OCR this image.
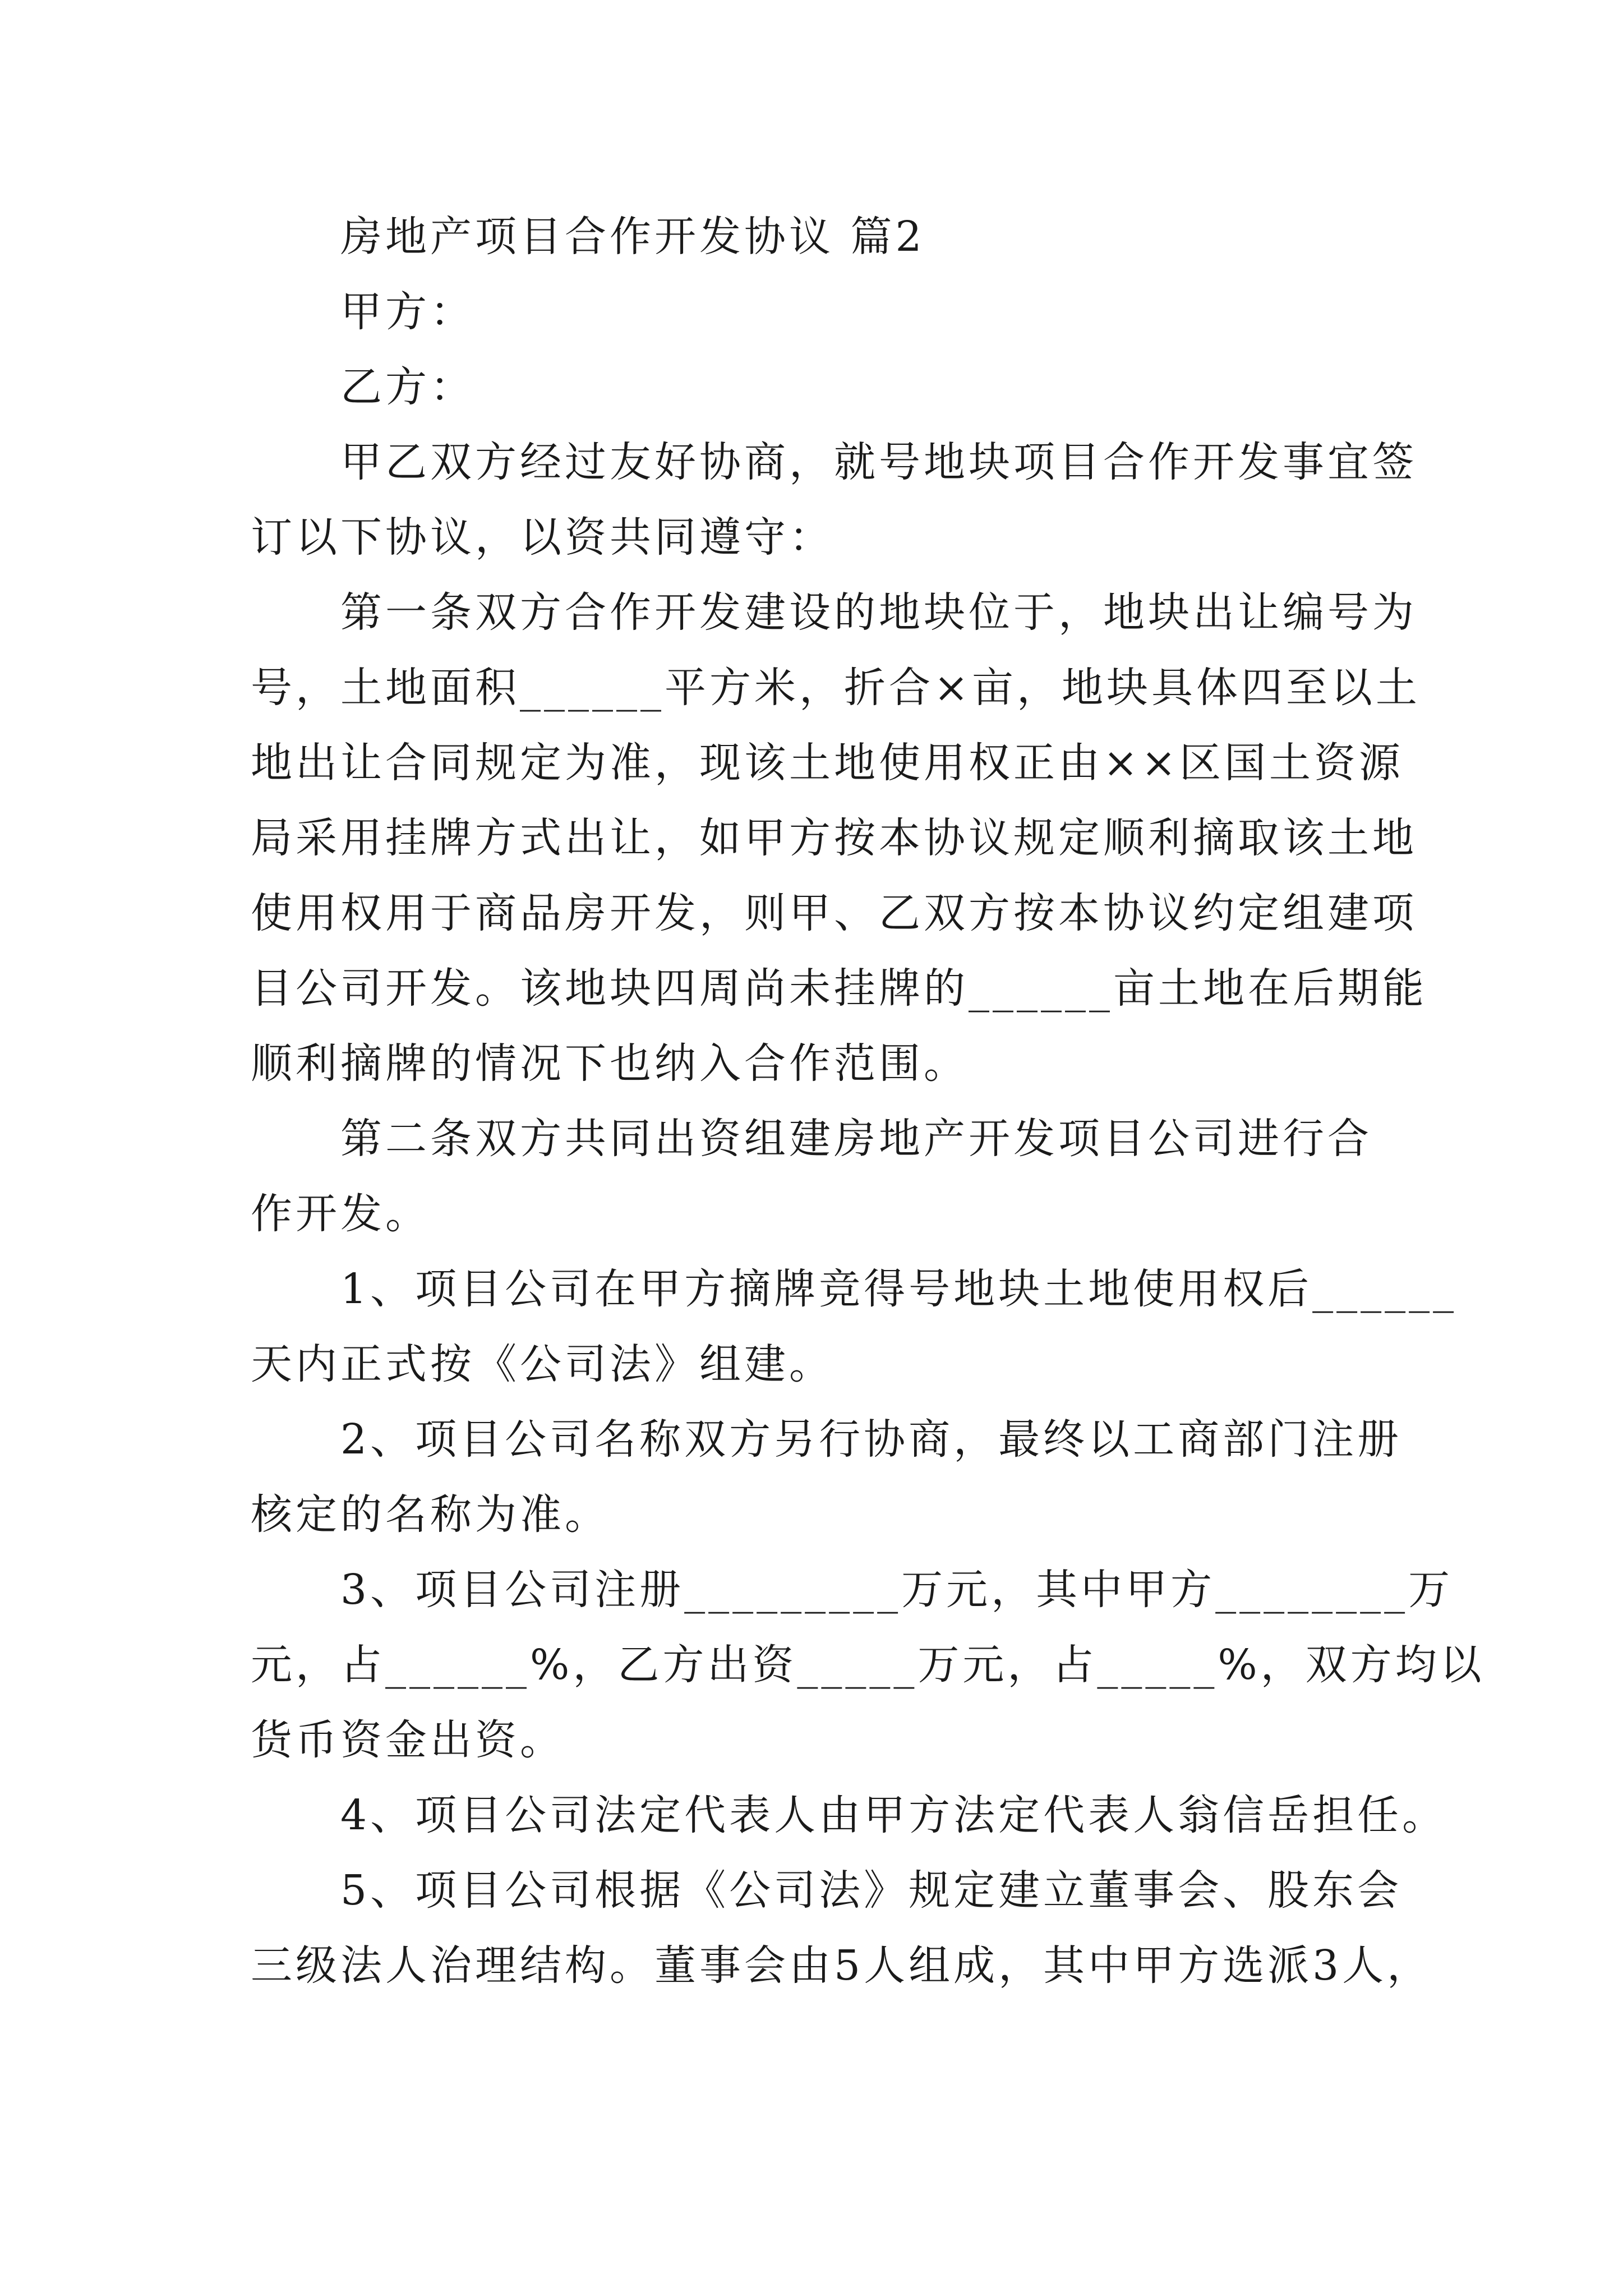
房地产项目合作开发协议 篇2
甲方：
乙方：
甲乙双方经过友好协商，就号地块项目合作开发事宜签
订以下协议，以资共同遵守：
第一条双方合作开发建设的地块位于，地块出让编号为
号，土地面积______平方米，折合×亩，地块具体四至以土
地出让合同规定为准，现该土地使用权正由××区国土资源
局采用挂牌方式出让，如甲方按本协议规定顺利摘取该土地
使用权用于商品房开发，则甲、乙双方按本协议约定组建项
目公司开发。该地块四周尚未挂牌的______亩土地在后期能
顺利摘牌的情况下也纳入合作范围。
第二条双方共同出资组建房地产开发项目公司进行合
作开发。
1、项目公司在甲方摘牌竞得号地块土地使用权后______
天内正式按《公司法》组建。
2、项目公司名称双方另行协商，最终以工商部门注册
核定的名称为准。
3、项目公司注册_________万元，其中甲方________万
元，占______%，乙方出资_____万元，占_____%，双方均以
货币资金出资。
4、项目公司法定代表人由甲方法定代表人翁信岳担任。
5、项目公司根据《公司法》规定建立董事会、股东会
三级法人治理结构。董事会由5人组成，其中甲方选派3人，
